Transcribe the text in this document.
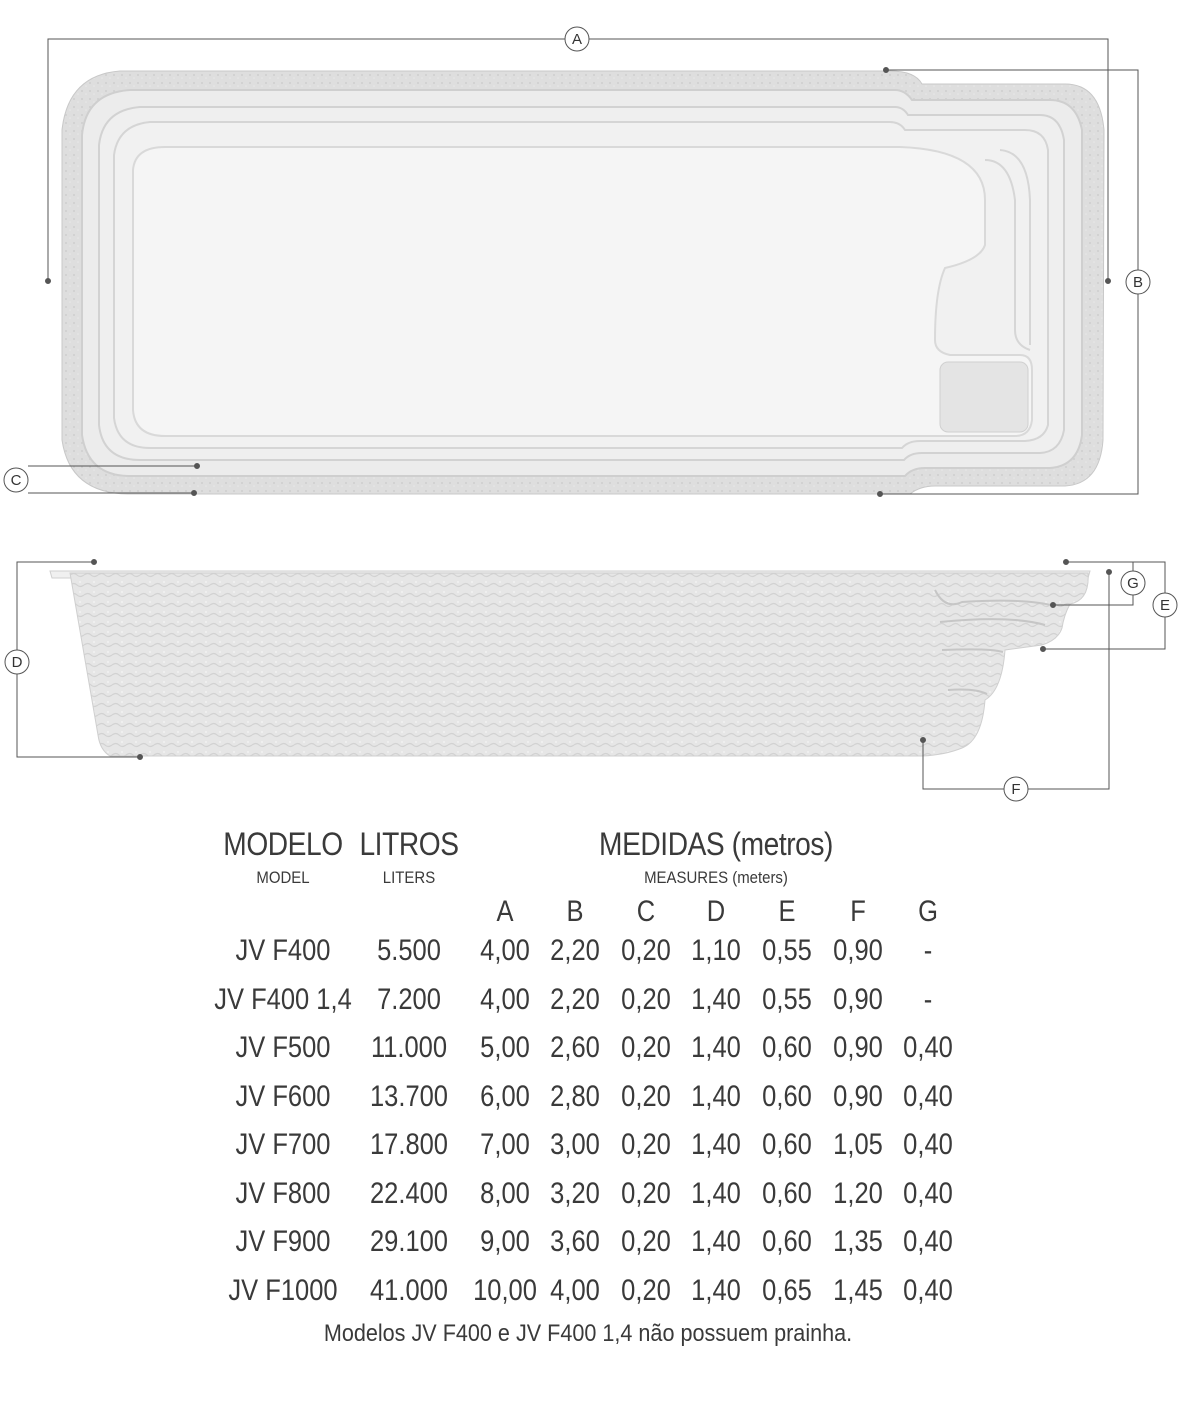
A
B
C
D
G
E
F
MODELO
MODEL
LITROS
LITERS
MEDIDAS (metros)
MEASURES (meters)
A B C D E F G
JV F400 5.500 4,00 2,20 0,20 1,10 0,55 0,90 -
JV F400 1,4 7.200 4,00 2,20 0,20 1,40 0,55 0,90 -
JV F500 11.000 5,00 2,60 0,20 1,40 0,60 0,90 0,40
JV F600 13.700 6,00 2,80 0,20 1,40 0,60 0,90 0,40
JV F700 17.800 7,00 3,00 0,20 1,40 0,60 1,05 0,40
JV F800 22.400 8,00 3,20 0,20 1,40 0,60 1,20 0,40
JV F900 29.100 9,00 3,60 0,20 1,40 0,60 1,35 0,40
JV F1000 41.000 10,00 4,00 0,20 1,40 0,65 1,45 0,40
Modelos JV F400 e JV F400 1,4 não possuem prainha.
